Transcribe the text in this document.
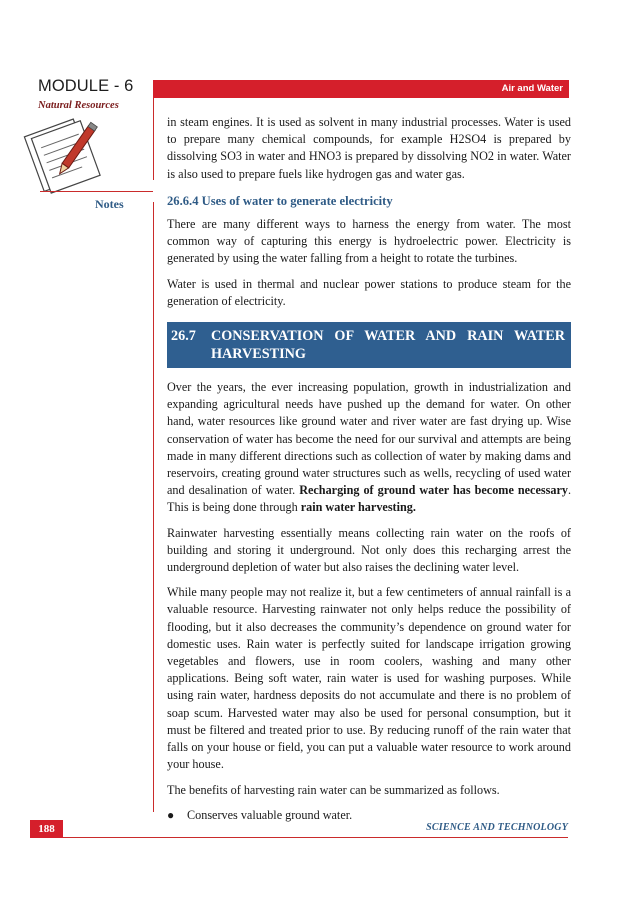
MODULE - 6
Natural Resources
Air and Water
Notes

in steam engines. It is used as solvent in many industrial processes. Water is used to prepare many chemical compounds, for example H2SO4 is prepared by dissolving SO3 in water and HNO3 is prepared by dissolving NO2 in water. Water is also used to prepare fuels like hydrogen gas and water gas.

26.6.4 Uses of water to generate electricity

There are many different ways to harness the energy from water. The most common way of capturing this energy is hydroelectric power. Electricity is generated by using the water falling from a height to rotate the turbines.

Water is used in thermal and nuclear power stations to produce steam for the generation of electricity.

26.7	CONSERVATION OF WATER AND RAIN WATER HARVESTING

Over the years, the ever increasing population, growth in industrialization and expanding agricultural needs have pushed up the demand for water. On other hand, water resources like ground water and river water are fast drying up. Wise conservation of water has become the need for our survival and attempts are being made in many different directions such as collection of water by making dams and reservoirs, creating ground water structures such as wells, recycling of used water and desalination of water. Recharging of ground water has become necessary. This is being done through rain water harvesting.

Rainwater harvesting essentially means collecting rain water on the roofs of building and storing it underground. Not only does this recharging arrest the underground depletion of water but also raises the declining water level.

While many people may not realize it, but a few centimeters of annual rainfall is a valuable resource. Harvesting rainwater not only helps reduce the possibility of flooding, but it also decreases the community’s dependence on ground water for domestic uses. Rain water is perfectly suited for landscape irrigation growing vegetables and flowers, use in room coolers, washing and many other applications. Being soft water, rain water is used for washing purposes. While using rain water, hardness deposits do not accumulate and there is no problem of soap scum. Harvested water may also be used for personal consumption, but it must be filtered and treated prior to use. By reducing runoff of the rain water that falls on your house or field, you can put a valuable water resource to work around your house.

The benefits of harvesting rain water can be summarized as follows.

●	Conserves valuable ground water.
188	SCIENCE AND TECHNOLOGY
